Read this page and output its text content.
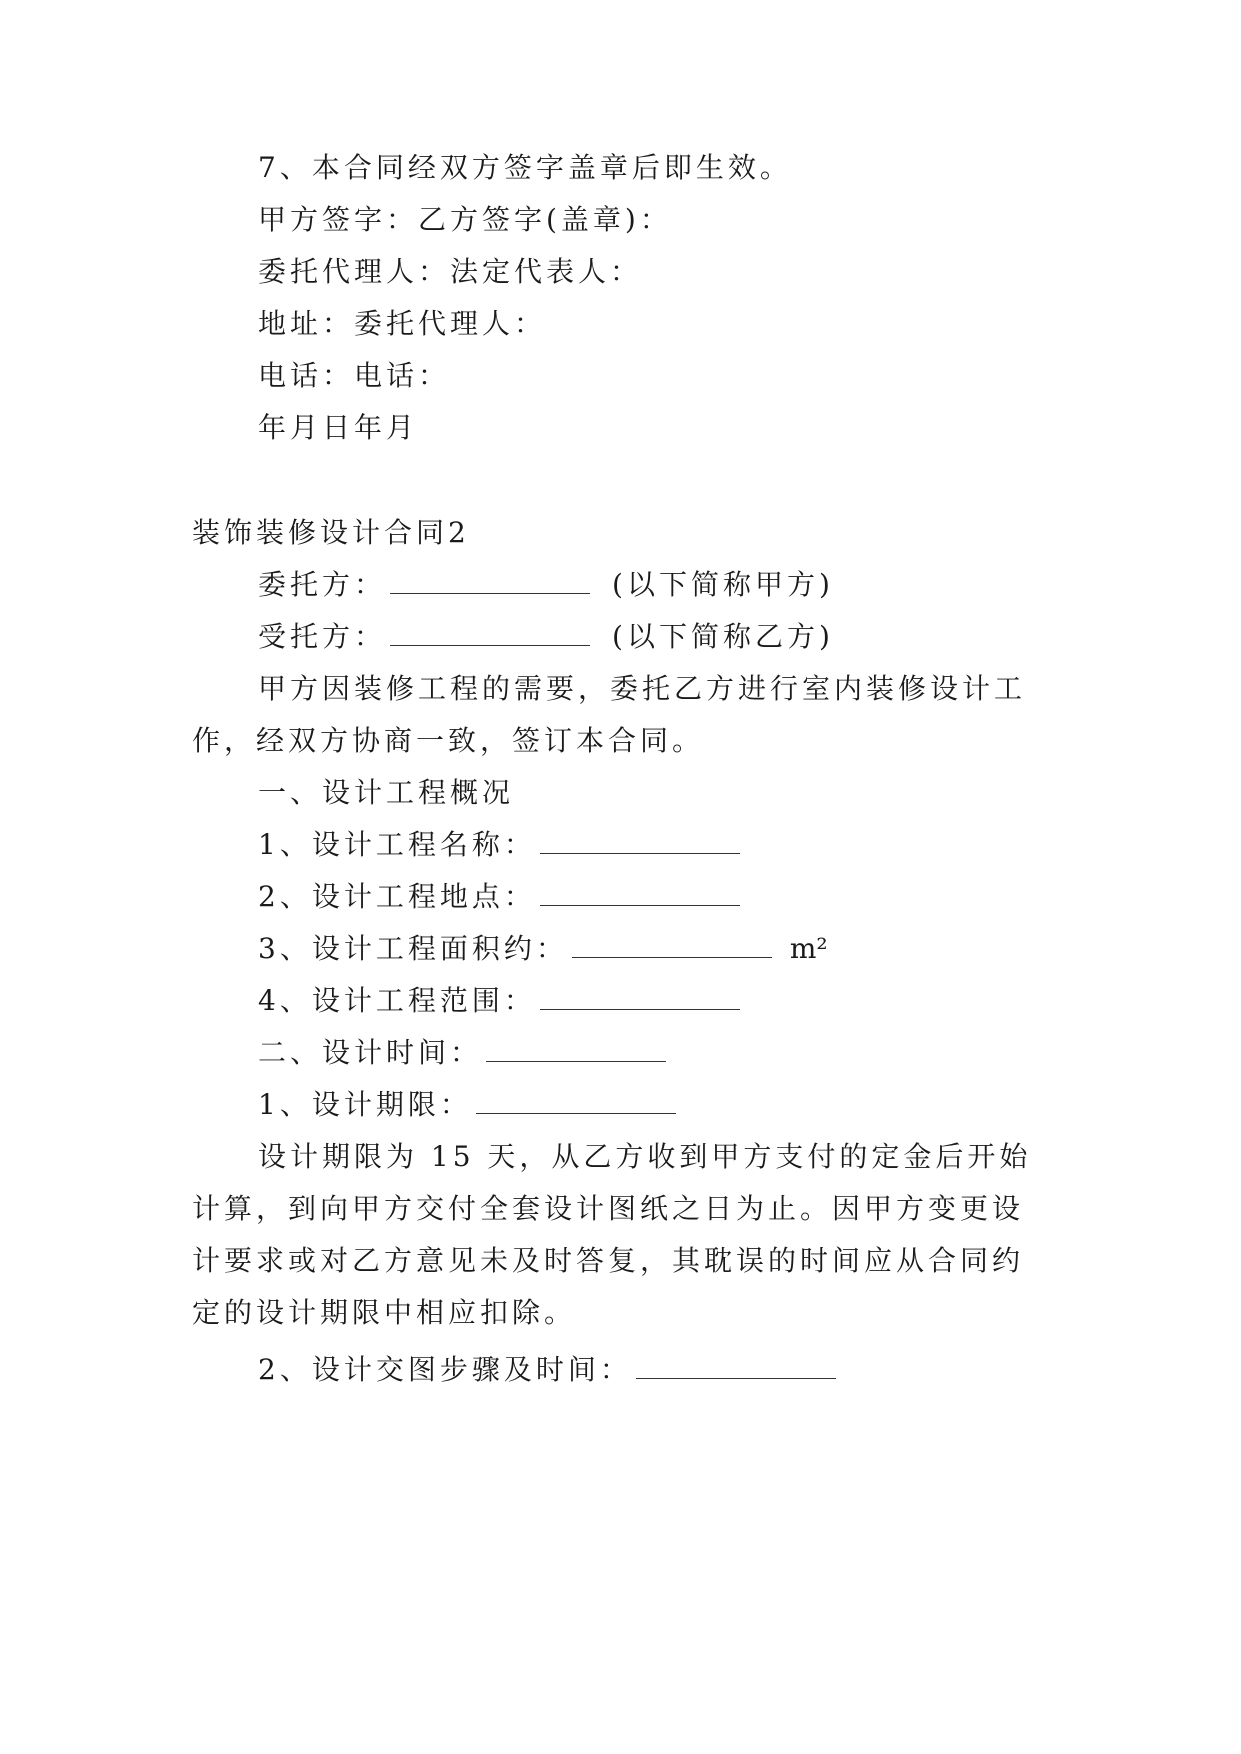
7、本合同经双方签字盖章后即生效。
甲方签字：乙方签字(盖章)：
委托代理人：法定代表人：
地址：委托代理人：
电话：电话：
年月日年月
装饰装修设计合同2
委托方：	(以下简称甲方)
受托方：	(以下简称乙方)
甲方因装修工程的需要，委托乙方进行室内装修设计工
作，经双方协商一致，签订本合同。
一、设计工程概况
1、设计工程名称：
2、设计工程地点：
3、设计工程面积约：	m²
4、设计工程范围：
二、设计时间：
1、设计期限：
设计期限为 15 天，从乙方收到甲方支付的定金后开始
计算，到向甲方交付全套设计图纸之日为止。因甲方变更设
计要求或对乙方意见未及时答复，其耽误的时间应从合同约
定的设计期限中相应扣除。
2、设计交图步骤及时间：
